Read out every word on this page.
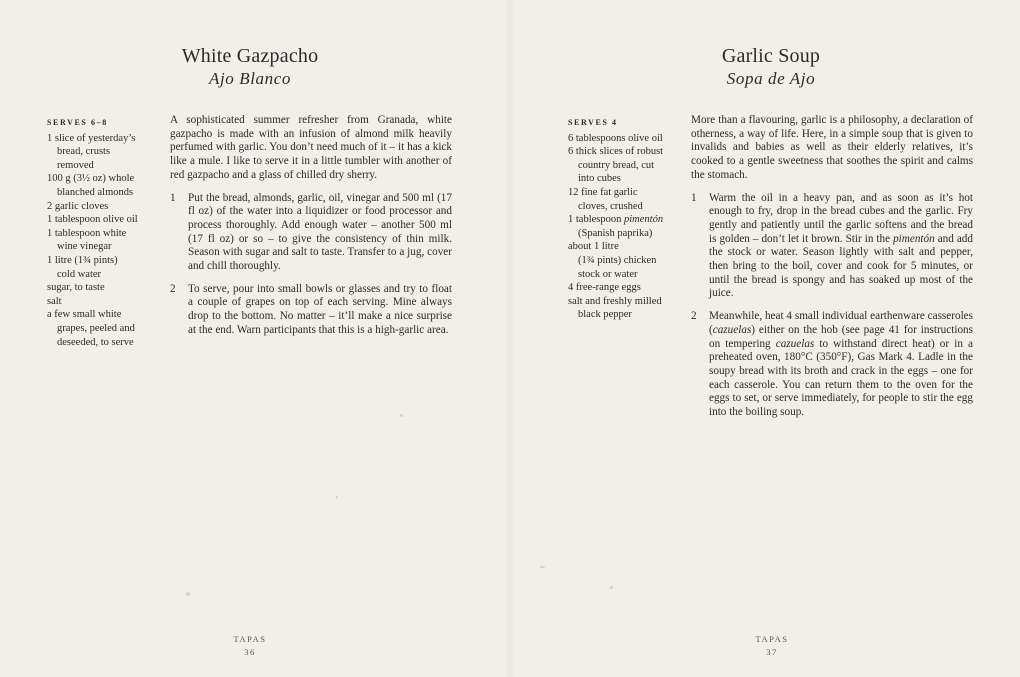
White Gazpacho
Ajo Blanco
SERVES 6–8
1 slice of yesterday’s
bread, crusts
removed
100 g (3½ oz) whole
blanched almonds
2 garlic cloves
1 tablespoon olive oil
1 tablespoon white
wine vinegar
1 litre (1¾ pints)
cold water
sugar, to taste
salt
a few small white
grapes, peeled and
deseeded, to serve

A sophisticated summer refresher from Granada, white gazpacho is made with an infusion of almond milk heavily perfumed with garlic. You don’t need much of it – it has a kick like a mule. I like to serve it in a little tumbler with another of red gazpacho and a glass of chilled dry sherry.

1 Put the bread, almonds, garlic, oil, vinegar and 500 ml (17 fl oz) of the water into a liquidizer or food processor and process thoroughly. Add enough water – another 500 ml (17 fl oz) or so – to give the consistency of thin milk. Season with sugar and salt to taste. Transfer to a jug, cover and chill thoroughly.
2 To serve, pour into small bowls or glasses and try to float a couple of grapes on top of each serving. Mine always drop to the bottom. No matter – it’ll make a nice surprise at the end. Warn participants that this is a high-garlic area.
TAPAS
36
Garlic Soup
Sopa de Ajo
SERVES 4
6 tablespoons olive oil
6 thick slices of robust
country bread, cut
into cubes
12 fine fat garlic
cloves, crushed
1 tablespoon pimentón
(Spanish paprika)
about 1 litre
(1¾ pints) chicken
stock or water
4 free-range eggs
salt and freshly milled
black pepper

More than a flavouring, garlic is a philosophy, a declaration of otherness, a way of life. Here, in a simple soup that is given to invalids and babies as well as their elderly relatives, it’s cooked to a gentle sweetness that soothes the spirit and calms the stomach.

1 Warm the oil in a heavy pan, and as soon as it’s hot enough to fry, drop in the bread cubes and the garlic. Fry gently and patiently until the garlic softens and the bread is golden – don’t let it brown. Stir in the pimentón and add the stock or water. Season lightly with salt and pepper, then bring to the boil, cover and cook for 5 minutes, or until the bread is spongy and has soaked up most of the juice.
2 Meanwhile, heat 4 small individual earthenware casseroles (cazuelas) either on the hob (see page 41 for instructions on tempering cazuelas to withstand direct heat) or in a preheated oven, 180°C (350°F), Gas Mark 4. Ladle in the soupy bread with its broth and crack in the eggs – one for each casserole. You can return them to the oven for the eggs to set, or serve immediately, for people to stir the egg into the boiling soup.
TAPAS
37
